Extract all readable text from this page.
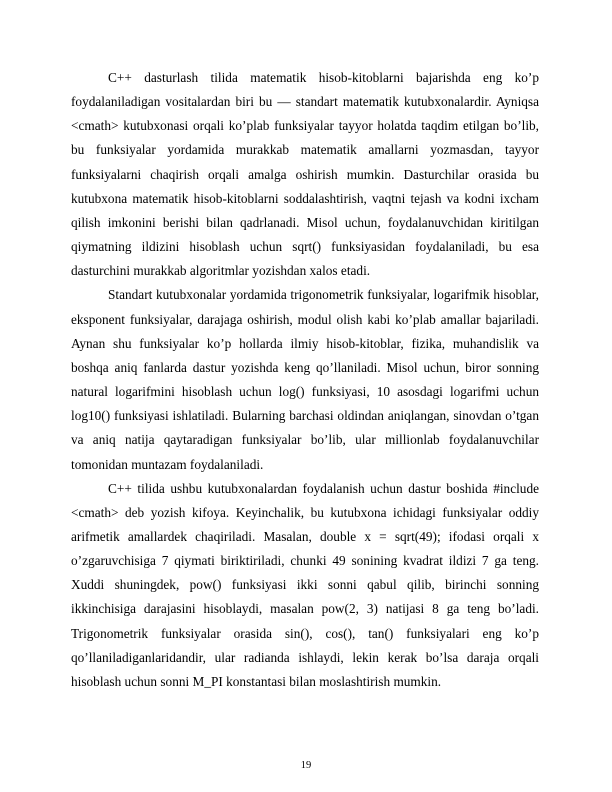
C++ dasturlash tilida matematik hisob-kitoblarni bajarishda eng ko’p foydalaniladigan vositalardan biri bu — standart matematik kutubxonalardir. Ayniqsa <cmath> kutubxonasi orqali ko’plab funksiyalar tayyor holatda taqdim etilgan bo’lib, bu funksiyalar yordamida murakkab matematik amallarni yozmasdan, tayyor funksiyalarni chaqirish orqali amalga oshirish mumkin. Dasturchilar orasida bu kutubxona matematik hisob-kitoblarni soddalashtirish, vaqtni tejash va kodni ixcham qilish imkonini berishi bilan qadrlanadi. Misol uchun, foydalanuvchidan kiritilgan qiymatning ildizini hisoblash uchun sqrt() funksiyasidan foydalaniladi, bu esa dasturchini murakkab algoritmlar yozishdan xalos etadi.

Standart kutubxonalar yordamida trigonometrik funksiyalar, logarifmik hisoblar, eksponent funksiyalar, darajaga oshirish, modul olish kabi ko’plab amallar bajariladi. Aynan shu funksiyalar ko’p hollarda ilmiy hisob-kitoblar, fizika, muhandislik va boshqa aniq fanlarda dastur yozishda keng qo’llaniladi. Misol uchun, biror sonning natural logarifmini hisoblash uchun log() funksiyasi, 10 asosdagi logarifmi uchun log10() funksiyasi ishlatiladi. Bularning barchasi oldindan aniqlangan, sinovdan o’tgan va aniq natija qaytaradigan funksiyalar bo’lib, ular millionlab foydalanuvchilar tomonidan muntazam foydalaniladi.

C++ tilida ushbu kutubxonalardan foydalanish uchun dastur boshida #include <cmath> deb yozish kifoya. Keyinchalik, bu kutubxona ichidagi funksiyalar oddiy arifmetik amallardek chaqiriladi. Masalan, double x = sqrt(49); ifodasi orqali x o’zgaruvchisiga 7 qiymati biriktiriladi, chunki 49 sonining kvadrat ildizi 7 ga teng. Xuddi shuningdek, pow() funksiyasi ikki sonni qabul qilib, birinchi sonning ikkinchisiga darajasini hisoblaydi, masalan pow(2, 3) natijasi 8 ga teng bo’ladi. Trigonometrik funksiyalar orasida sin(), cos(), tan() funksiyalari eng ko’p qo’llaniladiganlaridandir, ular radianda ishlaydi, lekin kerak bo’lsa daraja orqali hisoblash uchun sonni M_PI konstantasi bilan moslashtirish mumkin.

19
